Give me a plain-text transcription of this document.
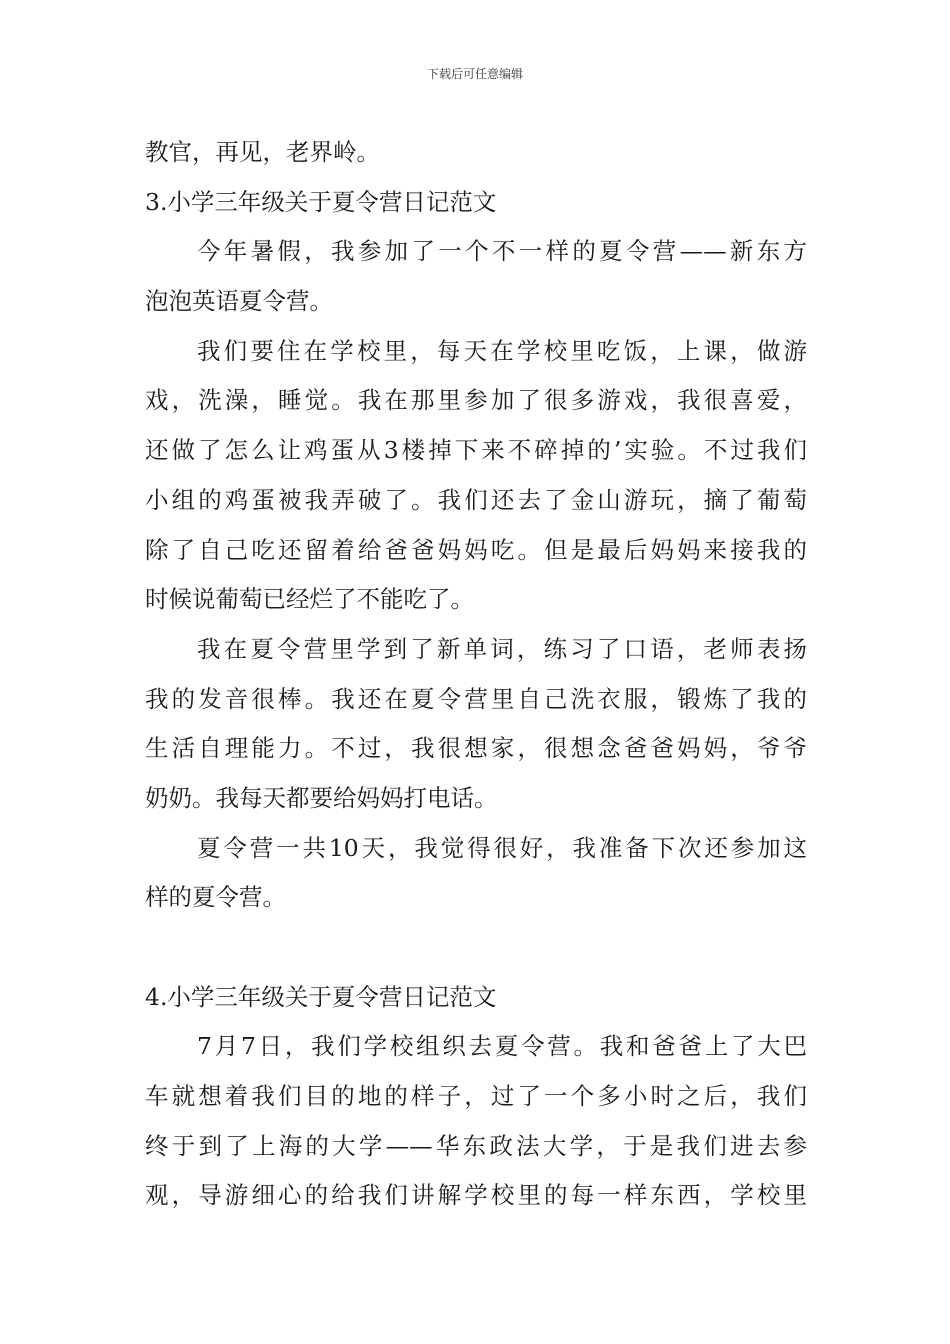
下载后可任意编辑
教官，再见，老界岭。
3.小学三年级关于夏令营日记范文
今年暑假，我参加了一个不一样的夏令营——新东方
泡泡英语夏令营。
我们要住在学校里，每天在学校里吃饭，上课，做游
戏，洗澡，睡觉。我在那里参加了很多游戏，我很喜爱，
还做了怎么让鸡蛋从3楼掉下来不碎掉的’实验。不过我们
小组的鸡蛋被我弄破了。我们还去了金山游玩，摘了葡萄
除了自己吃还留着给爸爸妈妈吃。但是最后妈妈来接我的
时候说葡萄已经烂了不能吃了。
我在夏令营里学到了新单词，练习了口语，老师表扬
我的发音很棒。我还在夏令营里自己洗衣服，锻炼了我的
生活自理能力。不过，我很想家，很想念爸爸妈妈，爷爷
奶奶。我每天都要给妈妈打电话。
夏令营一共10天，我觉得很好，我准备下次还参加这
样的夏令营。
4.小学三年级关于夏令营日记范文
7月7日，我们学校组织去夏令营。我和爸爸上了大巴
车就想着我们目的地的样子，过了一个多小时之后，我们
终于到了上海的大学——华东政法大学，于是我们进去参
观，导游细心的给我们讲解学校里的每一样东西，学校里
